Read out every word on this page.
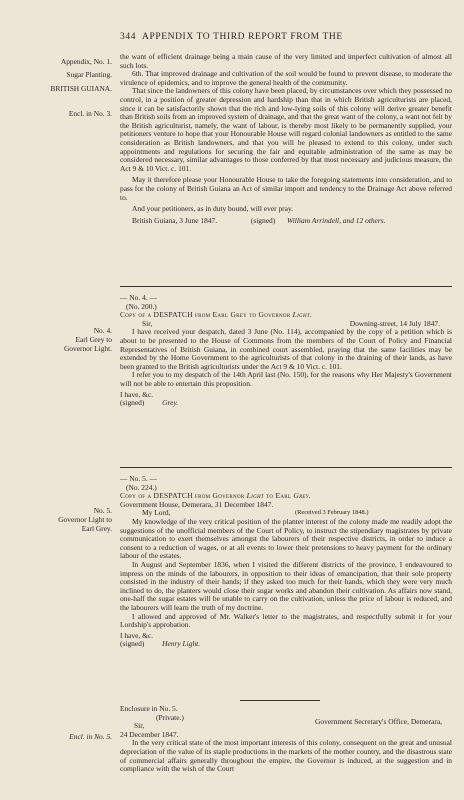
344 APPENDIX TO THIRD REPORT FROM THE
Appendix, No. 1.
Sugar Planting.
BRITISH GUIANA.
Encl. in No. 3.
No. 4.
Earl Grey to
Governor Light.
No. 5.
Governor Light to
Earl Grey.
Encl. in No. 5.

the want of efficient drainage being a main cause of the very limited and imperfect cultivation of almost all such lots.

6th. That improved drainage and cultivation of the soil would be found to prevent disease, to moderate the virulence of epidemics, and to improve the general health of the community.

That since the landowners of this colony have been placed, by circumstances over which they possessed no control, in a position of greater depression and hardship than that in which British agriculturists are placed, since it can be satisfactorily shown that the rich and low-lying soils of this colony will derive greater benefit than British soils from an improved system of drainage, and that the great want of the colony, a want not felt by the British agriculturist, namely, the want of labour, is thereby most likely to be permanently supplied, your petitioners venture to hope that your Honourable House will regard colonial landowners as entitled to the same consideration as British landowners, and that you will be pleased to extend to this colony, under such appointments and regulations for securing the fair and equitable administration of the same as may be considered necessary, similar advantages to those conferred by that most necessary and judicious measure, the Act 9 & 10 Vict. c. 101.

May it therefore please your Honourable House to take the foregoing statements into consideration, and to pass for the colony of British Guiana an Act of similar import and tendency to the Drainage Act above referred to.

And your petitioners, as in duty bound, will ever pray.

British Guiana, 3 June 1847.	(signed) William Arrindell, and 12 others.

— No. 4. —

(No. 200.)

Copy of a DESPATCH from Earl Grey to Governor Light.

Sir,	Downing-street, 14 July 1847.

I have received your despatch, dated 3 June (No. 114), accompanied by the copy of a petition which is about to be presented to the House of Commons from the members of the Court of Policy and Financial Representatives of British Guiana, in combined court assembled, praying that the same facilities may be extended by the Home Government to the agriculturists of that colony in the draining of their lands, as have been granted to the British agriculturists under the Act 9 & 10 Vict. c. 101.

I refer you to my despatch of the 14th April last (No. 150), for the reasons why Her Majesty's Government will not be able to entertain this proposition.

I have, &c.

(signed) Grey.

— No. 5. —

(No. 224.)

Copy of a DESPATCH from Governor Light to Earl Grey.

Government House, Demerara, 31 December 1847.

My Lord,	(Received 3 February 1848.)

My knowledge of the very critical position of the planter interest of the colony made me readily adopt the suggestions of the unofficial members of the Court of Policy, to instruct the stipendiary magistrates by private communication to exert themselves amongst the labourers of their respective districts, in order to induce a consent to a reduction of wages, or at all events to lower their pretensions to heavy payment for the ordinary labour of the estates.

In August and September 1836, when I visited the different districts of the province, I endeavoured to impress on the minds of the labourers, in opposition to their ideas of emancipation, that their sole property consisted in the industry of their hands; if they asked too much for their hands, which they were very much inclined to do, the planters would close their sugar works and abandon their cultivation. As affairs now stand, one-half the sugar estates will be unable to carry on the cultivation, unless the price of labour is reduced, and the labourers will learn the truth of my doctrine.

I allowed and approved of Mr. Walker's letter to the magistrates, and respectfully submit it for your Lordship's approbation.

I have, &c.

(signed) Henry Light.

Enclosure in No. 5.

(Private.)

Sir,	Government Secretary's Office, Demerara,

24 December 1847.

In the very critical state of the most important interests of this colony, consequent on the great and unusual depreciation of the value of its staple productions in the markets of the mother country, and the disastrous state of commercial affairs generally throughout the empire, the Governor is induced, at the suggestion and in compliance with the wish of the Court
